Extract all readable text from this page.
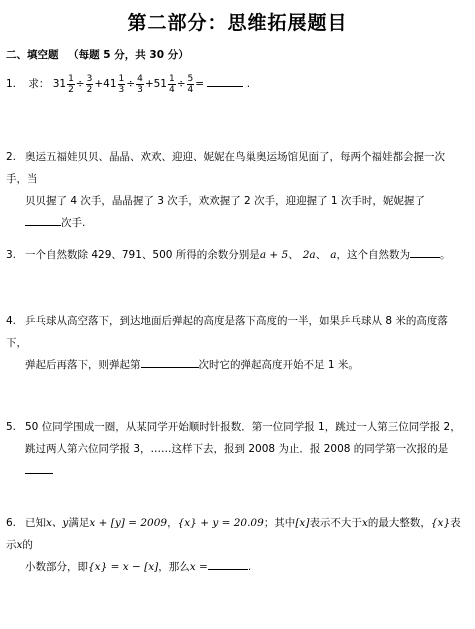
第二部分：思维拓展题目
二、填空题 （每题 5 分，共 30 分）
1. 求： $31 \frac{1}{2} \div \frac{3}{2} +41 \frac{1}{3} \div \frac{4}{3} +51 \frac{1}{4} \div \frac{5}{4}$ =	.
2. 奥运五福娃贝贝、晶晶、欢欢、迎迎、妮妮在鸟巢奥运场馆见面了，每两个福娃都会握一次手，当
贝贝握了 4 次手，晶晶握了 3 次手，欢欢握了 2 次手，迎迎握了 1 次手时，妮妮握了
次手.
3. 一个自然数除 429、791、500 所得的余数分别是a + 5、 2a、 a，这个自然数为	。
4. 乒乓球从高空落下，到达地面后弹起的高度是落下高度的一半，如果乒乓球从 8 米的高度落下，
弹起后再落下，则弹起第	次时它的弹起高度开始不足 1 米。
5. 50 位同学围成一圈，从某同学开始顺时针报数．第一位同学报 1，跳过一人第三位同学报 2，
跳过两人第六位同学报 3，……这样下去，报到 2008 为止．报 2008 的同学第一次报的是
6. 已知x、y满足x + [y] = 2009，{x} + y = 20.09；其中[x]表示不大于x的最大整数，{x}表示x的
小数部分，即{x} = x − [x]，那么x =	.
